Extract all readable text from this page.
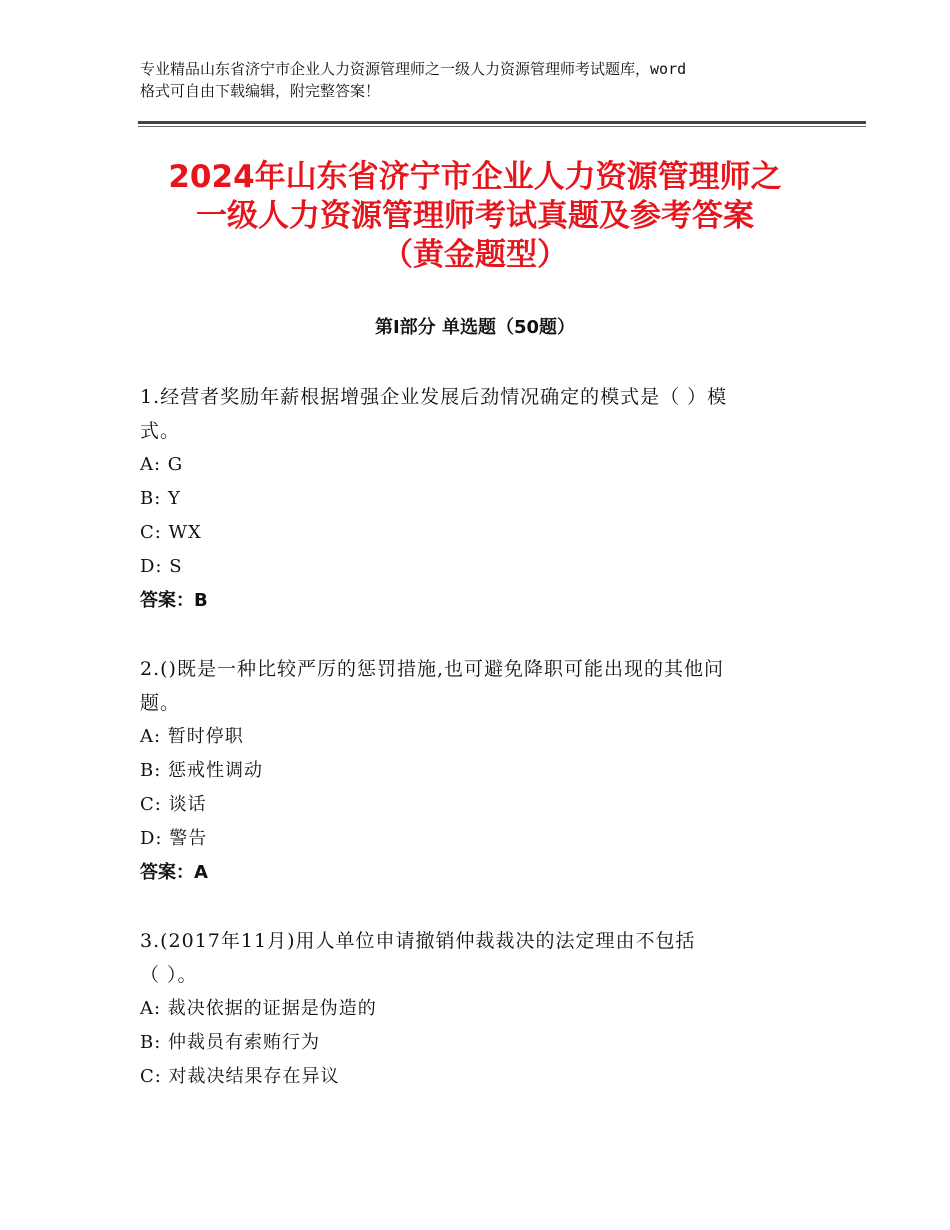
专业精品山东省济宁市企业人力资源管理师之一级人力资源管理师考试题库，word
格式可自由下载编辑，附完整答案！
2024年山东省济宁市企业人力资源管理师之
一级人力资源管理师考试真题及参考答案
（黄金题型）
第Ⅰ部分 单选题（50题）
1.经营者奖励年薪根据增强企业发展后劲情况确定的模式是（ ）模
式。
A: G
B: Y
C: WX
D: S
答案：B
2.()既是一种比较严厉的惩罚措施,也可避免降职可能出现的其他问
题。
A: 暂时停职
B: 惩戒性调动
C: 谈话
D: 警告
答案：A
3.(2017年11月)用人单位申请撤销仲裁裁决的法定理由不包括
（ ）。
A: 裁决依据的证据是伪造的
B: 仲裁员有索贿行为
C: 对裁决结果存在异议
